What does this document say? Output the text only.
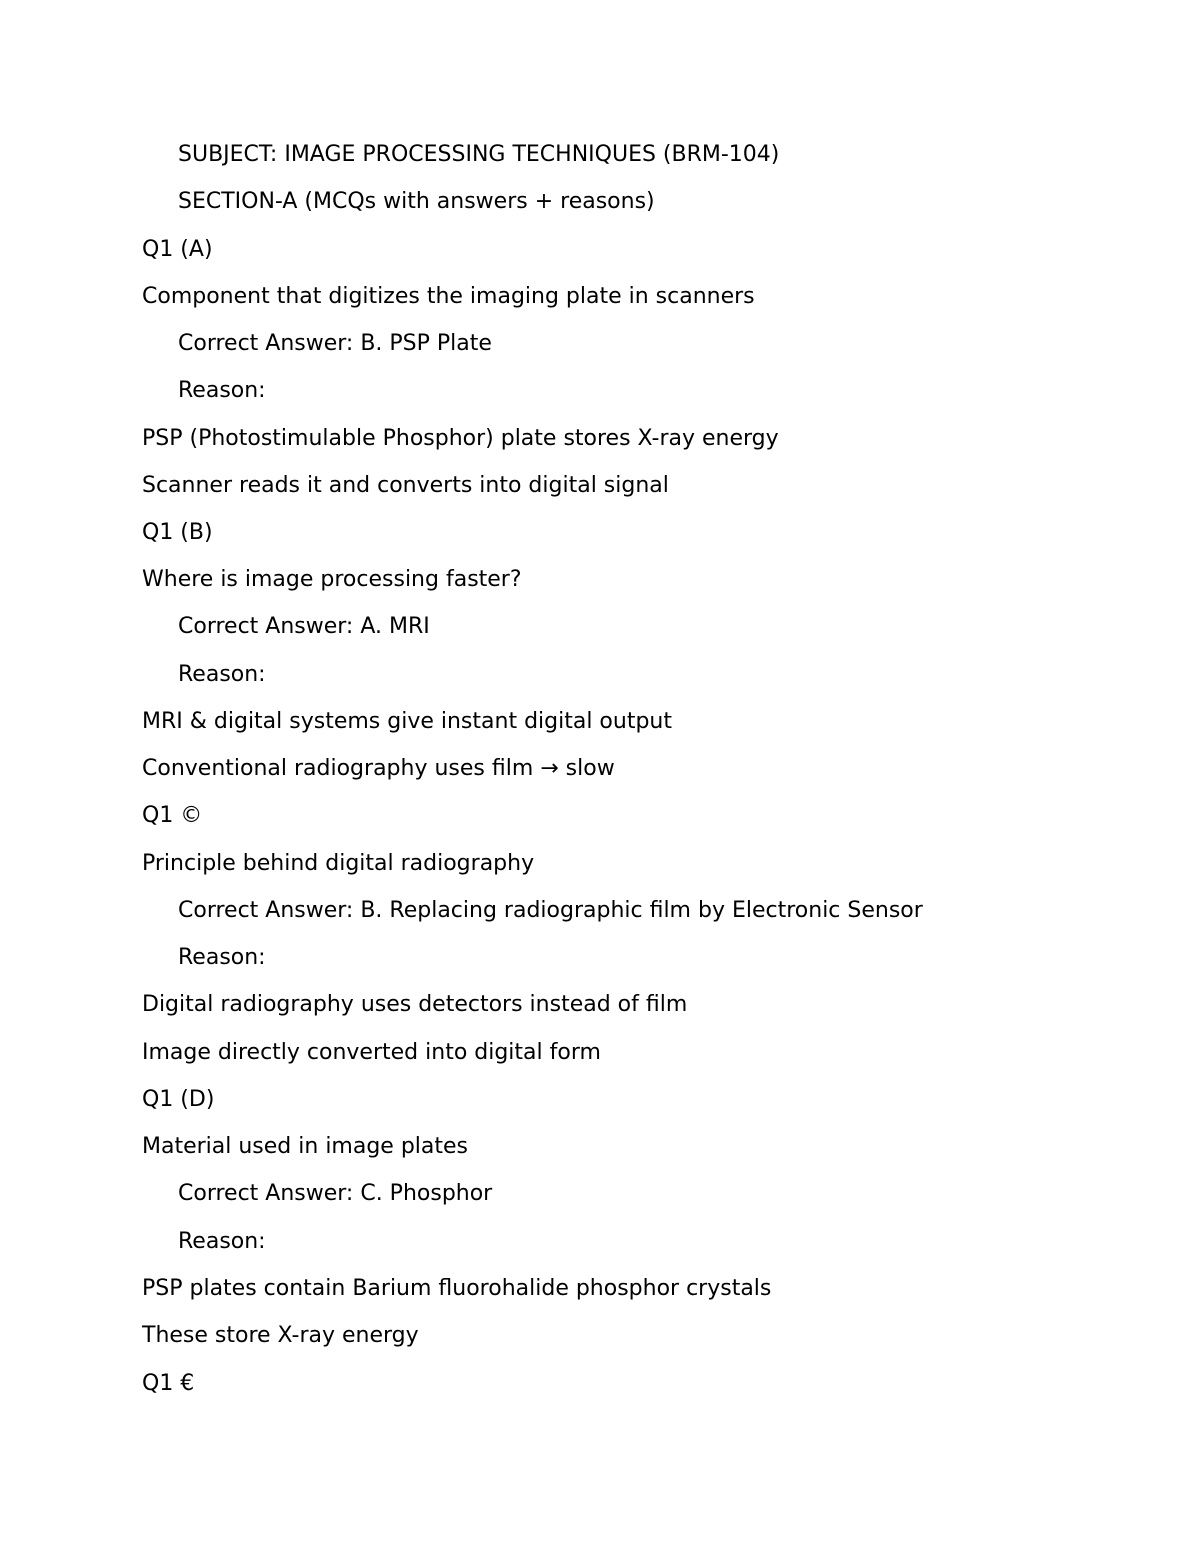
SUBJECT: IMAGE PROCESSING TECHNIQUES (BRM-104)
SECTION-A (MCQs with answers + reasons)
Q1 (A)
Component that digitizes the imaging plate in scanners
Correct Answer: B. PSP Plate
Reason:
PSP (Photostimulable Phosphor) plate stores X-ray energy
Scanner reads it and converts into digital signal
Q1 (B)
Where is image processing faster?
Correct Answer: A. MRI
Reason:
MRI & digital systems give instant digital output
Conventional radiography uses film → slow
Q1 ©
Principle behind digital radiography
Correct Answer: B. Replacing radiographic film by Electronic Sensor
Reason:
Digital radiography uses detectors instead of film
Image directly converted into digital form
Q1 (D)
Material used in image plates
Correct Answer: C. Phosphor
Reason:
PSP plates contain Barium fluorohalide phosphor crystals
These store X-ray energy
Q1 €
